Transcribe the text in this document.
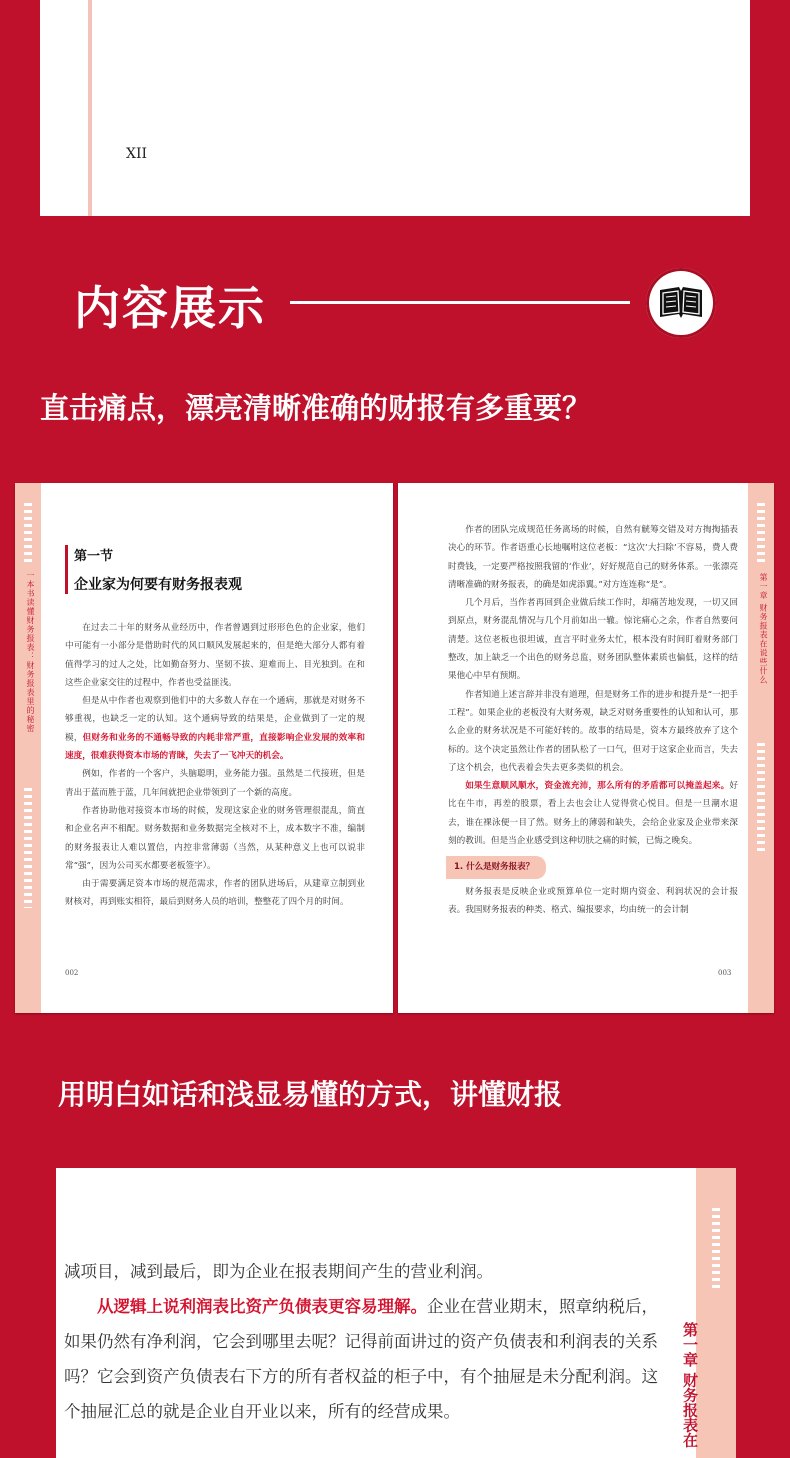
XII
内容展示
直击痛点，漂亮清晰准确的财报有多重要？
一本书读懂财务报表：财务报表里的秘密
第一节
企业家为何要有财务报表观

在过去二十年的财务从业经历中，作者曾遇到过形形色色的企业家，他们中可能有一小部分是借助时代的风口顺风发展起来的，但是绝大部分人都有着值得学习的过人之处，比如勤奋努力、坚韧不拔、迎难而上、目光独到。在和这些企业家交往的过程中，作者也受益匪浅。

但是从中作者也观察到他们中的大多数人存在一个通病，那就是对财务不够重视，也缺乏一定的认知。这个通病导致的结果是，企业做到了一定的规模，但财务和业务的不通畅导致的内耗非常严重，直接影响企业发展的效率和速度，很难获得资本市场的青睐，失去了一飞冲天的机会。

例如，作者的一个客户，头脑聪明，业务能力强。虽然是二代接班，但是青出于蓝而胜于蓝，几年间就把企业带领到了一个新的高度。

作者协助他对接资本市场的时候，发现这家企业的财务管理很混乱，简直和企业名声不相配。财务数据和业务数据完全核对不上，成本数字不准，编制的财务报表让人难以置信，内控非常薄弱（当然，从某种意义上也可以说非常“强”，因为公司买水都要老板签字）。

由于需要满足资本市场的规范需求，作者的团队进场后，从建章立制到业财核对，再到账实相符，最后到财务人员的培训，整整花了四个月的时间。

002
第一章 财务报表在说些什么

作者的团队完成规范任务离场的时候，自然有觥筹交错及对方掏掏插表决心的环节。作者语重心长地嘱咐这位老板：“这次‘大扫除’不容易，费人费时费钱，一定要严格按照我留的‘作业’，好好规范自己的财务体系。一张漂亮清晰准确的财务报表，的确是如虎添翼。”对方连连称“是”。

几个月后，当作者再回到企业做后续工作时，却痛苦地发现，一切又回到原点，财务混乱情况与几个月前如出一辙。惊诧痛心之余，作者自然要问清楚。这位老板也很坦诚，直言平时业务太忙，根本没有时间盯着财务部门整改，加上缺乏一个出色的财务总监，财务团队整体素质也偏低，这样的结果他心中早有预期。

作者知道上述言辞并非没有道理，但是财务工作的进步和提升是“一把手工程”。如果企业的老板没有大财务观，缺乏对财务重要性的认知和认可，那么企业的财务状况是不可能好转的。故事的结局是，资本方最终放弃了这个标的。这个决定虽然让作者的团队松了一口气，但对于这家企业而言，失去了这个机会，也代表着会失去更多类似的机会。

如果生意顺风顺水，资金流充沛，那么所有的矛盾都可以掩盖起来。好比在牛市，再差的股票，看上去也会让人觉得赏心悦目。但是一旦潮水退去，谁在裸泳便一目了然。财务上的薄弱和缺失，会给企业家及企业带来深刻的教训。但是当企业感受到这种切肤之痛的时候，已悔之晚矣。

1. 什么是财务报表？

财务报表是反映企业或预算单位一定时期内资金、利润状况的会计报表。我国财务报表的种类、格式、编报要求，均由统一的会计制

003
用明白如话和浅显易懂的方式，讲懂财报

减项目，减到最后，即为企业在报表期间产生的营业利润。

从逻辑上说利润表比资产负债表更容易理解。企业在营业期末，照章纳税后，如果仍然有净利润，它会到哪里去呢？记得前面讲过的资产负债表和利润表的关系吗？它会到资产负债表右下方的所有者权益的柜子中，有个抽屉是未分配利润。这个抽屉汇总的就是企业自开业以来，所有的经营成果。	第一章 财务报表在
